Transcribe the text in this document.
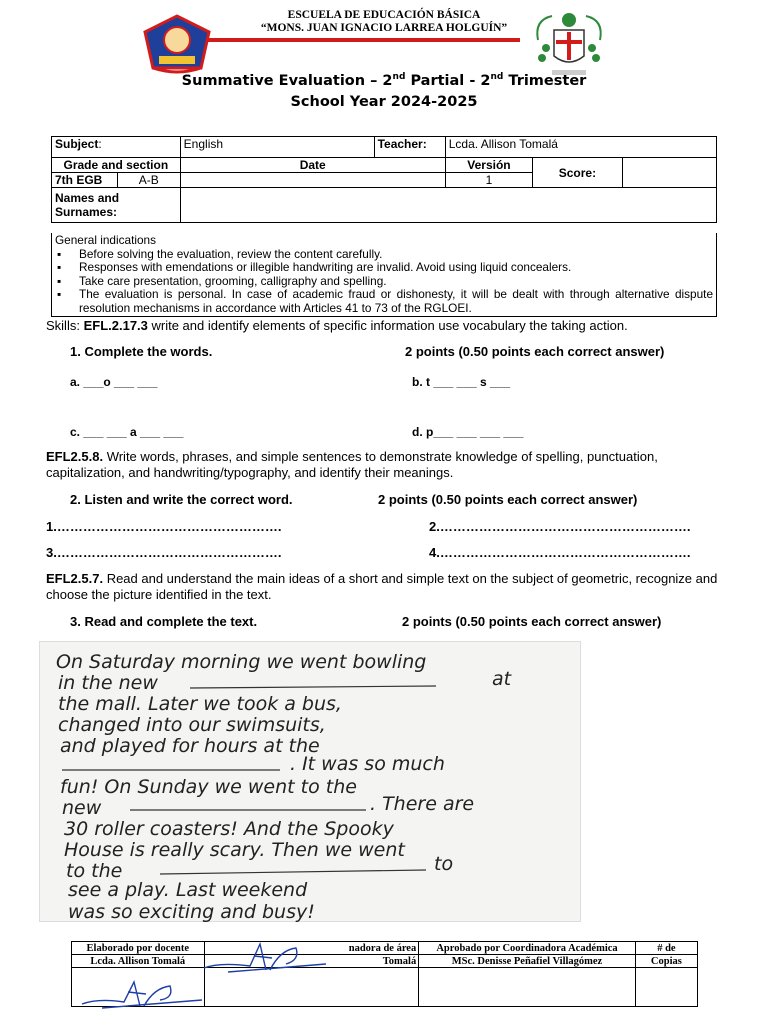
ESCUELA DE EDUCACIÓN BÁSICA
“MONS. JUAN IGNACIO LARREA HOLGUÍN”
Summative Evaluation – 2nd Partial - 2nd Trimester
School Year 2024-2025
Subject:		English	Teacher:	Lcda. Allison Tomalá		
Grade and section		Date		Versión	Score:	
7th EGB	A-B			1		

Names and
Surnames:						

General indications
▪ Before solving the evaluation, review the content carefully.
▪ Responses with emendations or illegible handwriting are invalid. Avoid using liquid concealers.
▪ Take care presentation, grooming, calligraphy and spelling.
▪ The evaluation is personal. In case of academic fraud or dishonesty, it will be dealt with through alternative dispute resolution mechanisms in accordance with Articles 41 to 73 of the RGLOEI.
Skills: EFL.2.17.3 write and identify elements of specific information use vocabulary the taking action.
1. Complete the words.	2 points (0.50 points each correct answer)
a. ___o ___ ___	b. t ___ ___ s ___
c. ___ ___ a ___ ___	d. p___ ___ ___ ___
EFL2.5.8. Write words, phrases, and simple sentences to demonstrate knowledge of spelling, punctuation, capitalization, and handwriting/typography, and identify their meanings.
2. Listen and write the correct word.	2 points (0.50 points each correct answer)
1.…………………………………………….	2.………………………………………………….
3.…………………………………………….	4.………………………………………………….
EFL2.5.7. Read and understand the main ideas of a short and simple text on the subject of geometric, recognize and choose the picture identified in the text.
3. Read and complete the text.	2 points (0.50 points each correct answer)
On Saturday morning we went bowling
in the new	at
the mall. Later we took a bus,
changed into our swimsuits,
and played for hours at the
. It was so much
fun! On Sunday we went to the
new	. There are
30 roller coasters! And the Spooky
House is really scary. Then we went
to the	to
see a play. Last weekend
was so exciting and busy!
Elaborado por docente	nadora de área	Aprobado por Coordinadora Académica	# de
Lcda. Allison Tomalá	Tomalá	MSc. Denisse Peñafiel Villagómez	Copias
